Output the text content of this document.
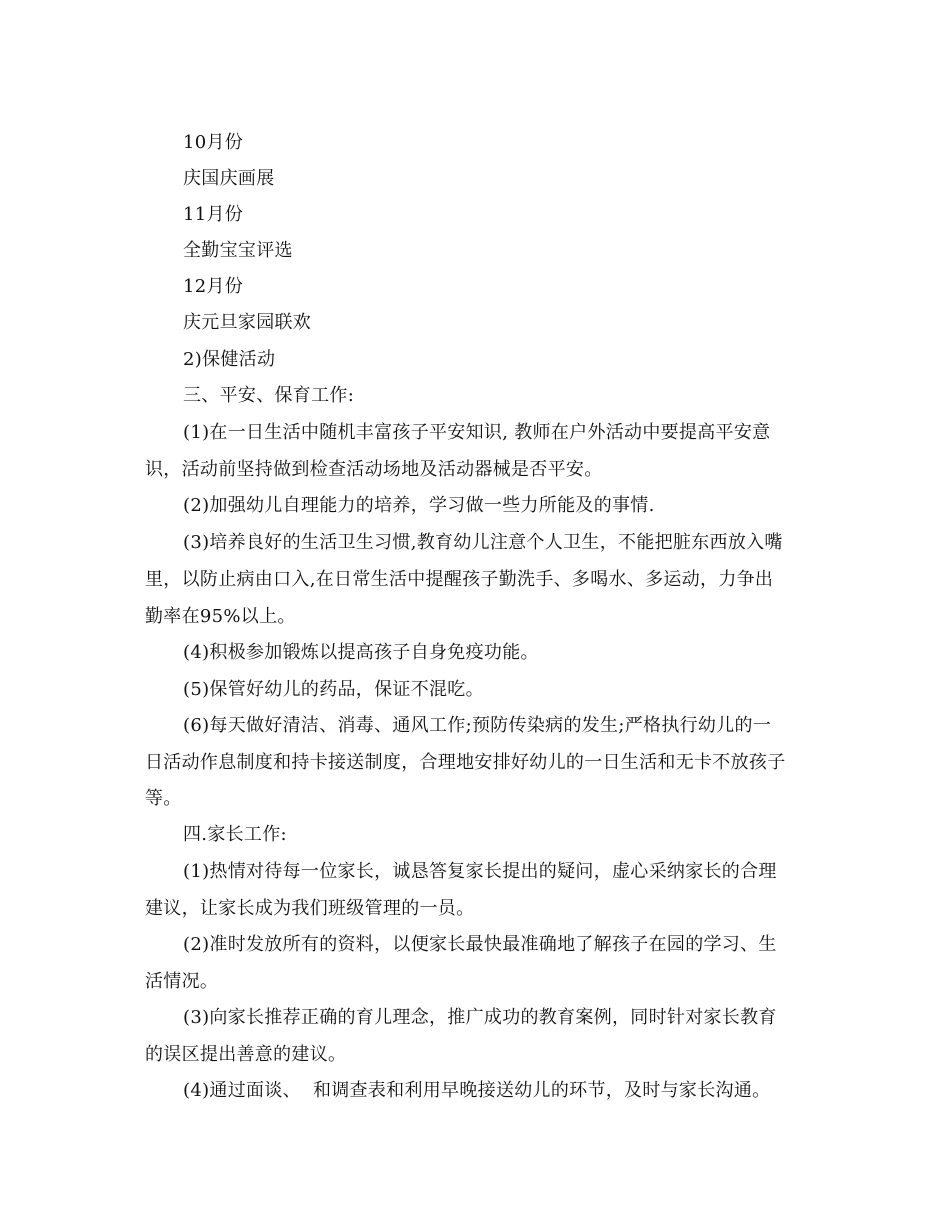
10月份
庆国庆画展
11月份
全勤宝宝评选
12月份
庆元旦家园联欢
2)保健活动
三、平安、保育工作:
(1)在一日生活中随机丰富孩子平安知识, 教师在户外活动中要提高平安意
识，活动前坚持做到检查活动场地及活动器械是否平安。
(2)加强幼儿自理能力的培养，学习做一些力所能及的事情.
(3)培养良好的生活卫生习惯,教育幼儿注意个人卫生，不能把脏东西放入嘴
里，以防止病由口入,在日常生活中提醒孩子勤洗手、多喝水、多运动，力争出
勤率在95%以上。
(4)积极参加锻炼以提高孩子自身免疫功能。
(5)保管好幼儿的药品，保证不混吃。
(6)每天做好清洁、消毒、通风工作;预防传染病的发生;严格执行幼儿的一
日活动作息制度和持卡接送制度，合理地安排好幼儿的一日生活和无卡不放孩子
等。
四.家长工作:
(1)热情对待每一位家长，诚恳答复家长提出的疑问，虚心采纳家长的合理
建议，让家长成为我们班级管理的一员。
(2)准时发放所有的资料，以便家长最快最准确地了解孩子在园的学习、生
活情况。
(3)向家长推荐正确的育儿理念，推广成功的教育案例，同时针对家长教育
的误区提出善意的建议。
(4)通过面谈、  和调查表和利用早晚接送幼儿的环节，及时与家长沟通。
